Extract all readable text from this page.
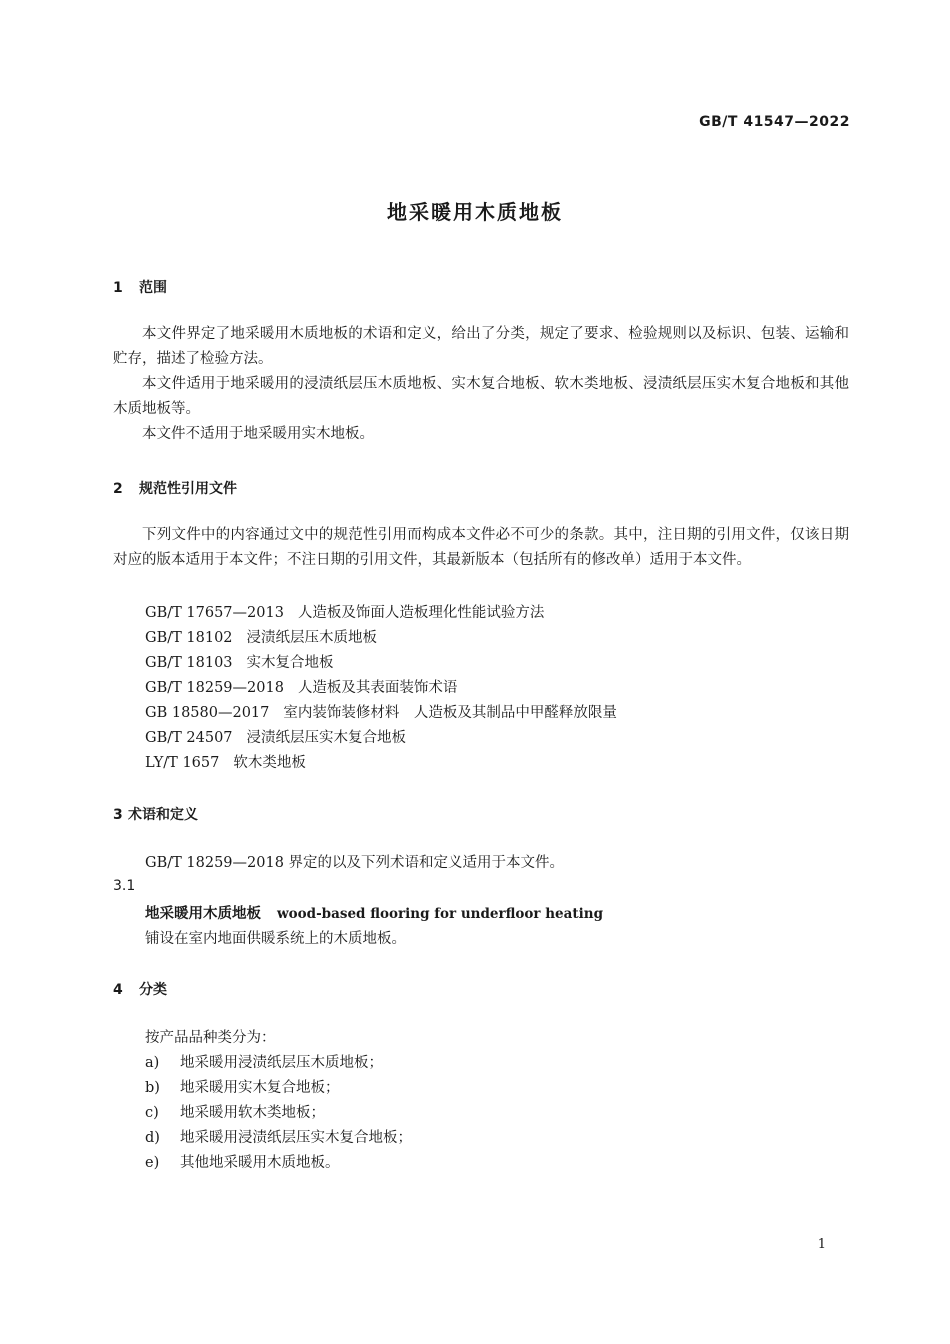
GB/T 41547—2022
地采暖用木质地板
1 范围
本文件界定了地采暖用木质地板的术语和定义，给出了分类，规定了要求、检验规则以及标识、包装、运输和贮存，描述了检验方法。
本文件适用于地采暖用的浸渍纸层压木质地板、实木复合地板、软木类地板、浸渍纸层压实木复合地板和其他木质地板等。
本文件不适用于地采暖用实木地板。
2 规范性引用文件
下列文件中的内容通过文中的规范性引用而构成本文件必不可少的条款。其中，注日期的引用文件，仅该日期对应的版本适用于本文件；不注日期的引用文件，其最新版本（包括所有的修改单）适用于本文件。
GB/T 17657—2013 人造板及饰面人造板理化性能试验方法
GB/T 18102 浸渍纸层压木质地板
GB/T 18103 实木复合地板
GB/T 18259—2018 人造板及其表面装饰术语
GB 18580—2017 室内装饰装修材料　人造板及其制品中甲醛释放限量
GB/T 24507 浸渍纸层压实木复合地板
LY/T 1657 软木类地板
3 术语和定义
GB/T 18259—2018 界定的以及下列术语和定义适用于本文件。
3.1
地采暖用木质地板 wood-based flooring for underfloor heating
铺设在室内地面供暖系统上的木质地板。
4 分类
按产品品种类分为：
a) 地采暖用浸渍纸层压木质地板；
b) 地采暖用实木复合地板；
c) 地采暖用软木类地板；
d) 地采暖用浸渍纸层压实木复合地板；
e) 其他地采暖用木质地板。
1
